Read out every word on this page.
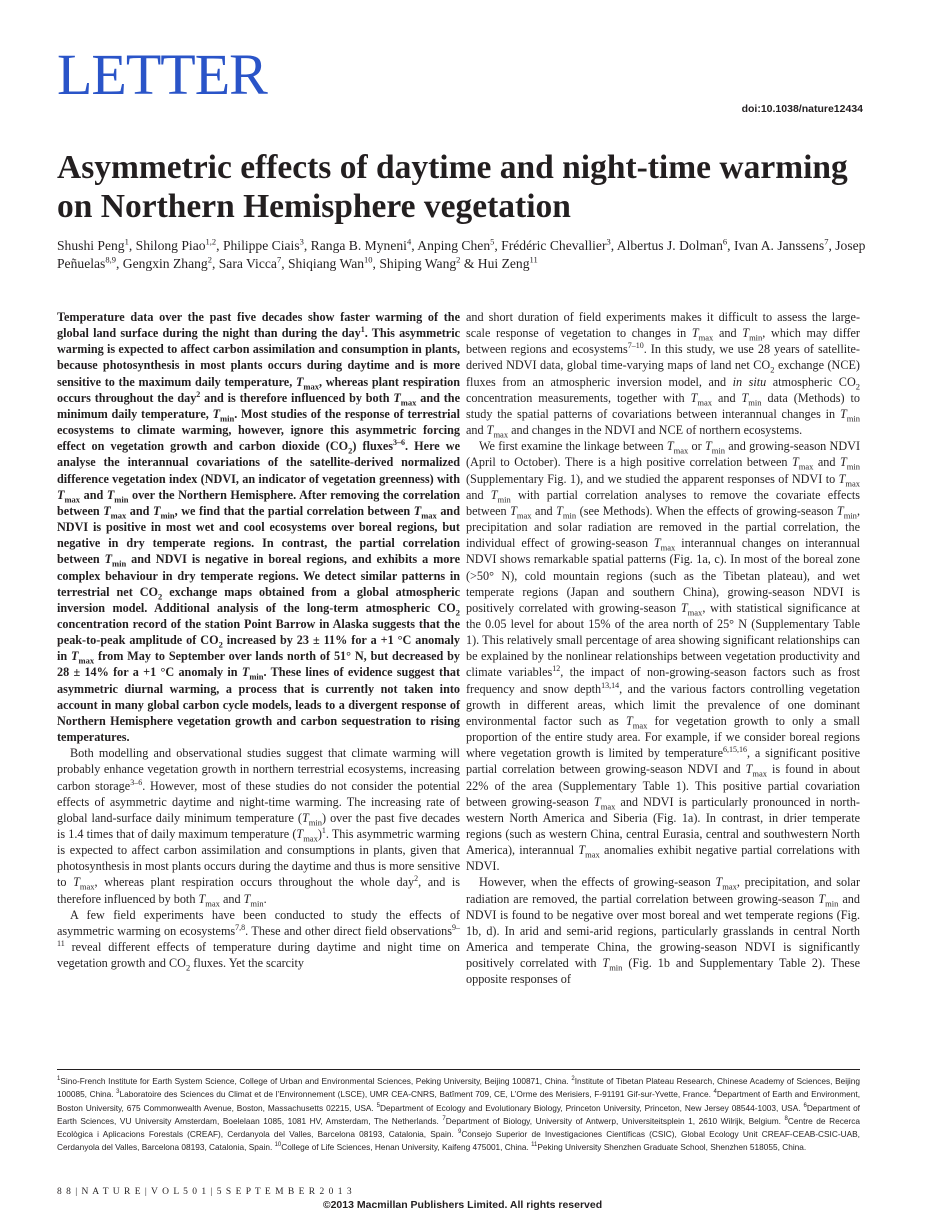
LETTER
doi:10.1038/nature12434
Asymmetric effects of daytime and night-time warming on Northern Hemisphere vegetation
Shushi Peng$^1$, Shilong Piao$^{1,2}$, Philippe Ciais$^3$, Ranga B. Myneni$^4$, Anping Chen$^5$, Frédéric Chevallier$^3$, Albertus J. Dolman$^6$, Ivan A. Janssens$^7$, Josep Peñuelas$^{8,9}$, Gengxin Zhang$^2$, Sara Vicca$^7$, Shiqiang Wan$^{10}$, Shiping Wang$^2$ & Hui Zeng$^{11}$

Temperature data over the past five decades show faster warming of the global land surface during the night than during the day$^1$. This asymmetric warming is expected to affect carbon assimilation and consumption in plants, because photosynthesis in most plants occurs during daytime and is more sensitive to the maximum daily temperature, $T_{max}$, whereas plant respiration occurs throughout the day$^2$ and is therefore influenced by both $T_{max}$ and the minimum daily temperature, $T_{min}$. Most studies of the response of terrestrial ecosystems to climate warming, however, ignore this asymmetric forcing effect on vegetation growth and carbon dioxide $(CO_2)$ fluxes$^{3-6}$. Here we analyse the interannual covariations of the satellite-derived normalized difference vegetation index (NDVI, an indicator of vegetation greenness) with $T_{max}$ and $T_{min}$ over the Northern Hemisphere. After removing the correlation between $T_{max}$ and $T_{min}$, we find that the partial correlation between $T_{max}$ and NDVI is positive in most wet and cool ecosystems over boreal regions, but negative in dry temperate regions. In contrast, the partial correlation between $T_{min}$ and NDVI is negative in boreal regions, and exhibits a more complex behaviour in dry temperate regions. We detect similar patterns in terrestrial net $CO_2$ exchange maps obtained from a global atmospheric inversion model. Additional analysis of the long-term atmospheric $CO_2$ concentration record of the station Point Barrow in Alaska suggests that the peak-to-peak amplitude of $CO_2$ increased by 23 ± 11% for a +1 °C anomaly in $T_{max}$ from May to September over lands north of 51° N, but decreased by 28 ± 14% for a +1 °C anomaly in $T_{min}$. These lines of evidence suggest that asymmetric diurnal warming, a process that is currently not taken into account in many global carbon cycle models, leads to a divergent response of Northern Hemisphere vegetation growth and carbon sequestration to rising temperatures.

Both modelling and observational studies suggest that climate warming will probably enhance vegetation growth in northern terrestrial ecosystems, increasing carbon storage$^{3-6}$. However, most of these studies do not consider the potential effects of asymmetric daytime and night-time warming. The increasing rate of global land-surface daily minimum temperature $(T_{min})$ over the past five decades is 1.4 times that of daily maximum temperature $(T_{max})^1$. This asymmetric warming is expected to affect carbon assimilation and consumptions in plants, given that photosynthesis in most plants occurs during the daytime and thus is more sensitive to $T_{max}$, whereas plant respiration occurs throughout the whole day$^2$, and is therefore influenced by both $T_{max}$ and $T_{min}$.

A few field experiments have been conducted to study the effects of asymmetric warming on ecosystems$^{7,8}$. These and other direct field observations$^{9-11}$ reveal different effects of temperature during daytime and night time on vegetation growth and $CO_2$ fluxes. Yet the scarcity

and short duration of field experiments makes it difficult to assess the large-scale response of vegetation to changes in $T_{max}$ and $T_{min}$, which may differ between regions and ecosystems$^{7-10}$. In this study, we use 28 years of satellite-derived NDVI data, global time-varying maps of land net $CO_2$ exchange (NCE) fluxes from an atmospheric inversion model, and in situ atmospheric $CO_2$ concentration measurements, together with $T_{max}$ and $T_{min}$ data (Methods) to study the spatial patterns of covariations between interannual changes in $T_{min}$ and $T_{max}$ and changes in the NDVI and NCE of northern ecosystems.

We first examine the linkage between $T_{max}$ or $T_{min}$ and growing-season NDVI (April to October). There is a high positive correlation between $T_{max}$ and $T_{min}$ (Supplementary Fig. 1), and we studied the apparent responses of NDVI to $T_{max}$ and $T_{min}$ with partial correlation analyses to remove the covariate effects between $T_{max}$ and $T_{min}$ (see Methods). When the effects of growing-season $T_{min}$, precipitation and solar radiation are removed in the partial correlation, the individual effect of growing-season $T_{max}$ interannual changes on interannual NDVI shows remarkable spatial patterns (Fig. 1a, c). In most of the boreal zone (>50° N), cold mountain regions (such as the Tibetan plateau), and wet temperate regions (Japan and southern China), growing-season NDVI is positively correlated with growing-season $T_{max}$, with statistical significance at the 0.05 level for about 15% of the area north of 25° N (Supplementary Table 1). This relatively small percentage of area showing significant relationships can be explained by the nonlinear relationships between vegetation productivity and climate variables$^{12}$, the impact of non-growing-season factors such as frost frequency and snow depth$^{13,14}$, and the various factors controlling vegetation growth in different areas, which limit the prevalence of one dominant environmental factor such as $T_{max}$ for vegetation growth to only a small proportion of the entire study area. For example, if we consider boreal regions where vegetation growth is limited by temperature$^{6,15,16}$, a significant positive partial correlation between growing-season NDVI and $T_{max}$ is found in about 22% of the area (Supplementary Table 1). This positive partial covariation between growing-season $T_{max}$ and NDVI is particularly pronounced in north-western North America and Siberia (Fig. 1a). In contrast, in drier temperate regions (such as western China, central Eurasia, central and southwestern North America), interannual $T_{max}$ anomalies exhibit negative partial correlations with NDVI.

However, when the effects of growing-season $T_{max}$, precipitation, and solar radiation are removed, the partial correlation between growing-season $T_{min}$ and NDVI is found to be negative over most boreal and wet temperate regions (Fig. 1b, d). In arid and semi-arid regions, particularly grasslands in central North America and temperate China, the growing-season NDVI is significantly positively correlated with $T_{min}$ (Fig. 1b and Supplementary Table 2). These opposite responses of

$^1$Sino-French Institute for Earth System Science, College of Urban and Environmental Sciences, Peking University, Beijing 100871, China. $^2$Institute of Tibetan Plateau Research, Chinese Academy of Sciences, Beijing 100085, China. $^3$Laboratoire des Sciences du Climat et de l’Environnement (LSCE), UMR CEA-CNRS, Batîment 709, CE, L’Orme des Merisiers, F-91191 Gif-sur-Yvette, France. $^4$Department of Earth and Environment, Boston University, 675 Commonwealth Avenue, Boston, Massachusetts 02215, USA. $^5$Department of Ecology and Evolutionary Biology, Princeton University, Princeton, New Jersey 08544-1003, USA. $^6$Department of Earth Sciences, VU University Amsterdam, Boelelaan 1085, 1081 HV, Amsterdam, The Netherlands. $^7$Department of Biology, University of Antwerp, Universiteitsplein 1, 2610 Wilrijk, Belgium. $^8$Centre de Recerca Ecològica i Aplicacions Forestals (CREAF), Cerdanyola del Valles, Barcelona 08193, Catalonia, Spain. $^9$Consejo Superior de Investigaciones Científicas (CSIC), Global Ecology Unit CREAF-CEAB-CSIC-UAB, Cerdanyola del Valles, Barcelona 08193, Catalonia, Spain. $^{10}$College of Life Sciences, Henan University, Kaifeng 475001, China. $^{11}$Peking University Shenzhen Graduate School, Shenzhen 518055, China.
8 8 | N A T U R E | V O L 5 0 1 | 5 S E P T E M B E R 2 0 1 3
©2013 Macmillan Publishers Limited. All rights reserved
